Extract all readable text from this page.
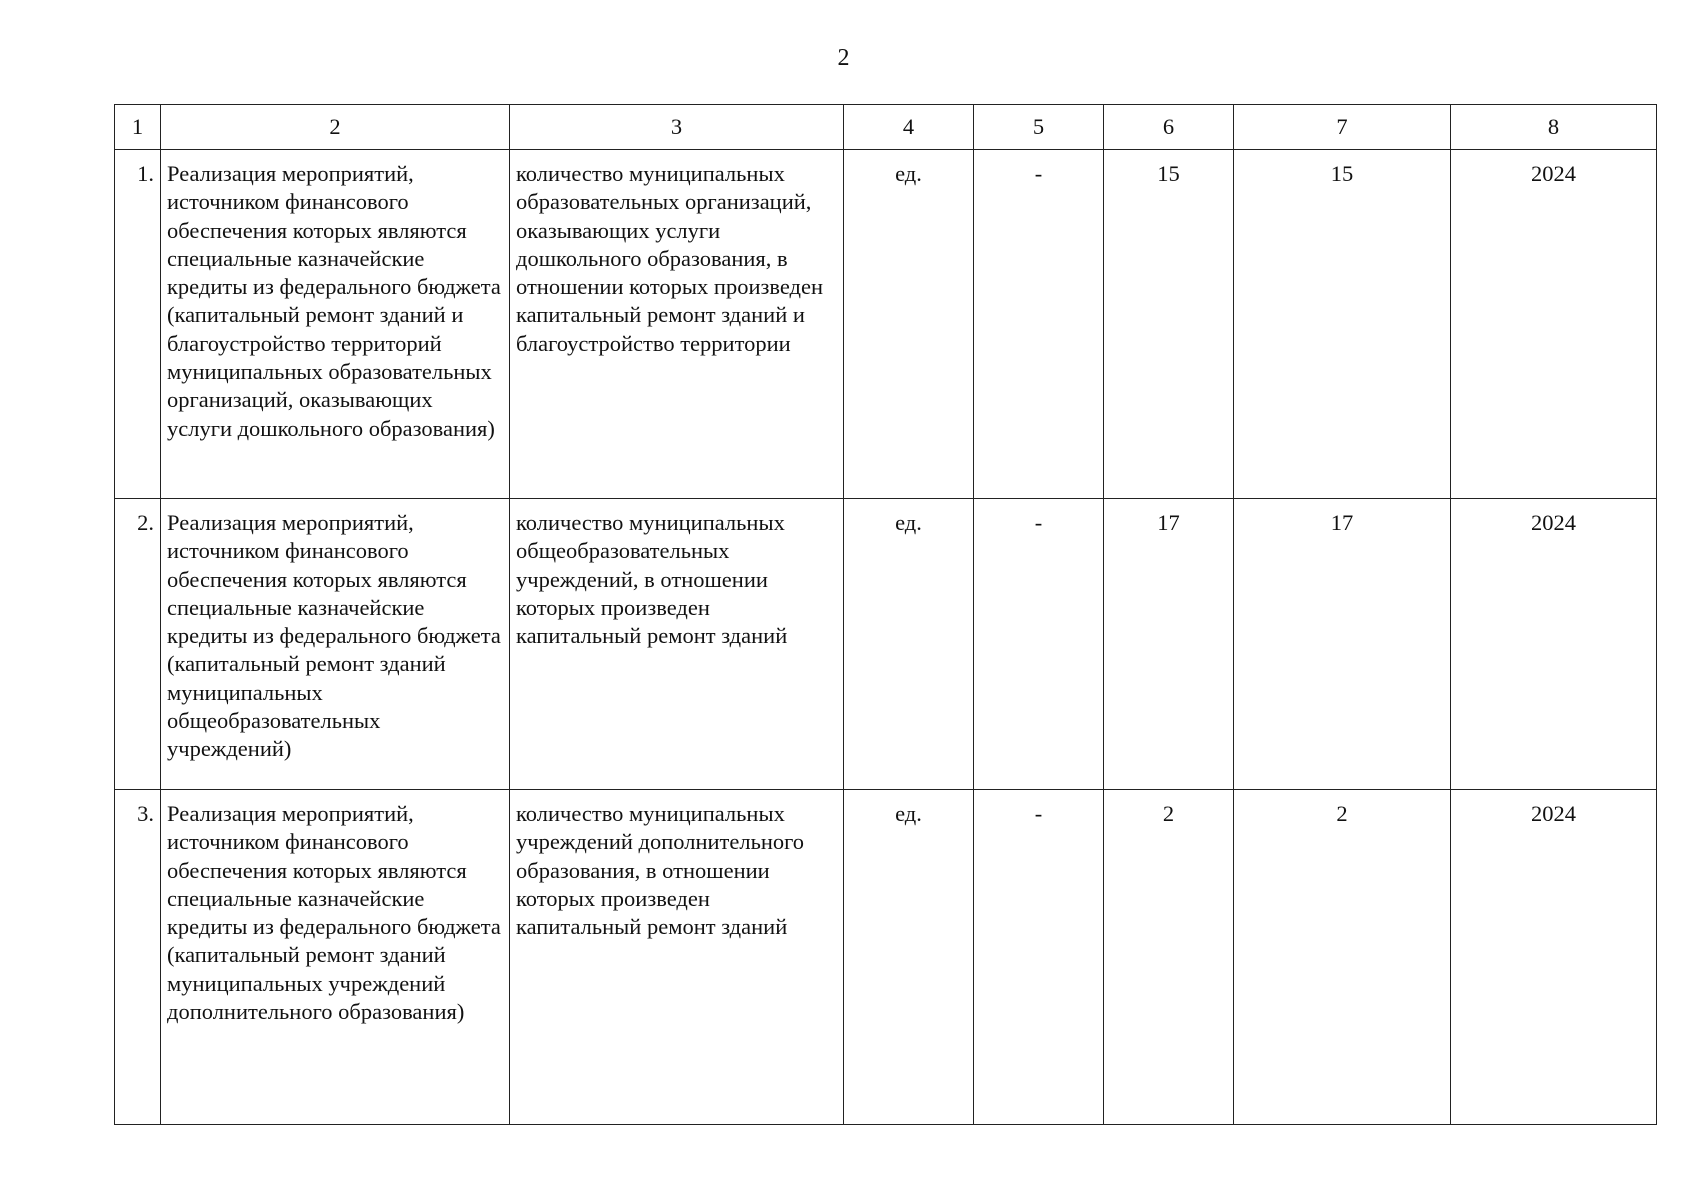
2
1	2	3	4	5	6	7	8
1.	Реализация мероприятий, источником финансового обеспечения которых являются специальные казначейские кредиты из федерального бюджета (капитальный ремонт зданий и благоустройство территорий муниципальных образовательных организаций, оказывающих услуги дошкольного образования)	количество муниципальных образовательных организаций, оказывающих услуги дошкольного образования, в отношении которых произведен капитальный ремонт зданий и благоустройство территории	ед.	-	15	15	2024
2.	Реализация мероприятий, источником финансового обеспечения которых являются специальные казначейские кредиты из федерального бюджета (капитальный ремонт зданий муниципальных общеобразовательных учреждений)	количество муниципальных общеобразовательных учреждений, в отношении которых произведен капитальный ремонт зданий	ед.	-	17	17	2024
3.	Реализация мероприятий, источником финансового обеспечения которых являются специальные казначейские кредиты из федерального бюджета (капитальный ремонт зданий муниципальных учреждений дополнительного образования)	количество муниципальных учреждений дополнительного образования, в отношении которых произведен капитальный ремонт зданий	ед.	-	2	2	2024
